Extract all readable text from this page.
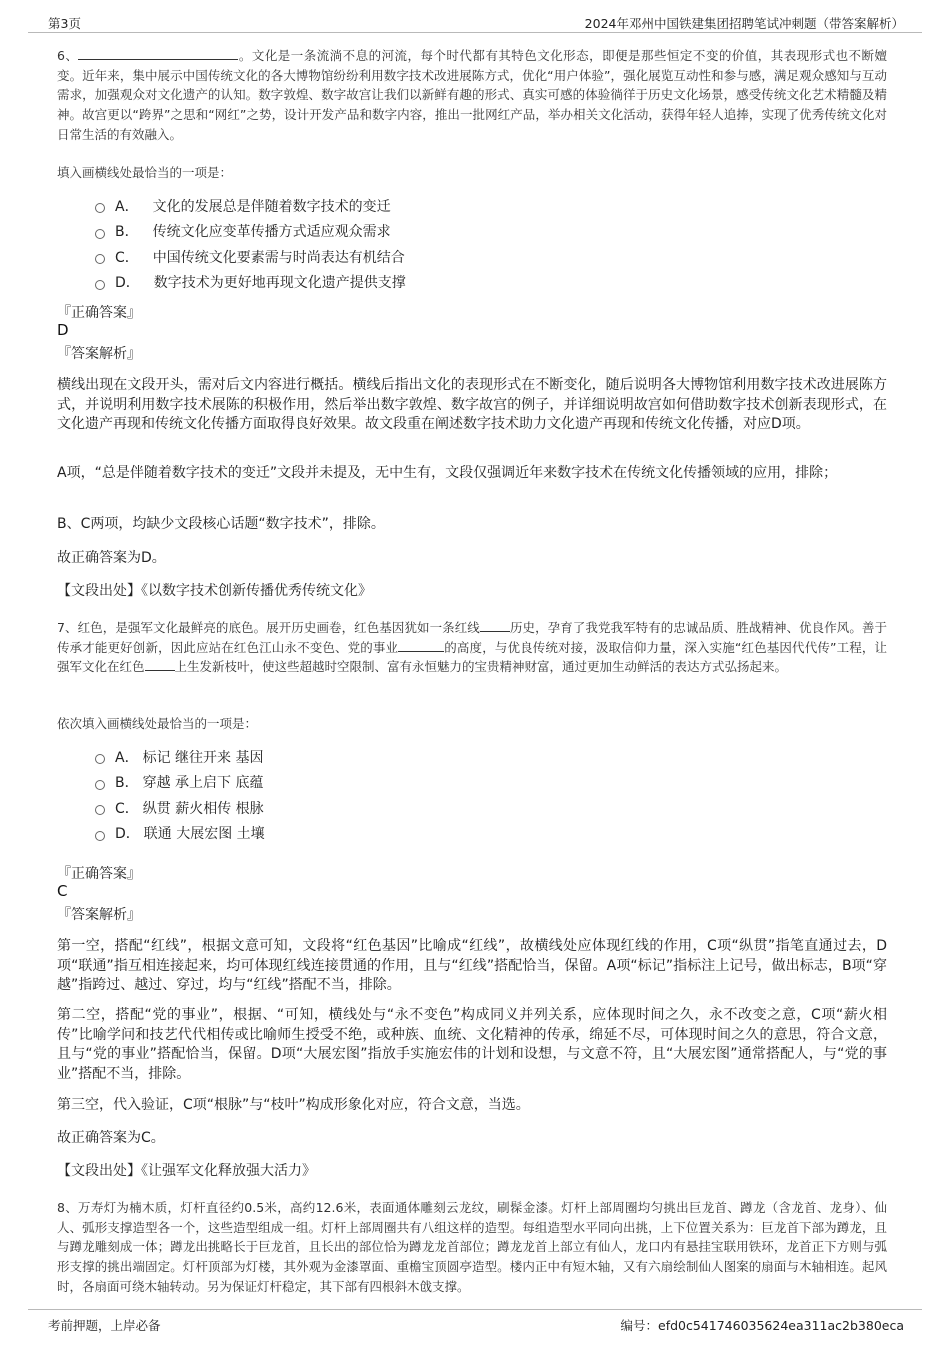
第3页	2024年邓州中国铁建集团招聘笔试冲刺题（带答案解析）

6、	。文化是一条流淌不息的河流，每个时代都有其特色文化形态，即便是那些恒定不变的价值，其表现形式也不断嬗变。近年来，集中展示中国传统文化的各大博物馆纷纷利用数字技术改进展陈方式，优化“用户体验”，强化展览互动性和参与感，满足观众感知与互动需求，加强观众对文化遗产的认知。数字敦煌、数字故宫让我们以新鲜有趣的形式、真实可感的体验徜徉于历史文化场景，感受传统文化艺术精髓及精神。故宫更以“跨界”之思和“网红”之势，设计开发产品和数字内容，推出一批网红产品，举办相关文化活动，获得年轻人追捧，实现了优秀传统文化对日常生活的有效融入。

填入画横线处最恰当的一项是：

A． 文化的发展总是伴随着数字技术的变迁
B． 传统文化应变革传播方式适应观众需求
C． 中国传统文化要素需与时尚表达有机结合
D． 数字技术为更好地再现文化遗产提供支撑

『正确答案』

D

『答案解析』

横线出现在文段开头，需对后文内容进行概括。横线后指出文化的表现形式在不断变化，随后说明各大博物馆利用数字技术改进展陈方式，并说明利用数字技术展陈的积极作用，然后举出数字敦煌、数字故宫的例子，并详细说明故宫如何借助数字技术创新表现形式，在文化遗产再现和传统文化传播方面取得良好效果。故文段重在阐述数字技术助力文化遗产再现和传统文化传播，对应D项。

A项，“总是伴随着数字技术的变迁”文段并未提及，无中生有，文段仅强调近年来数字技术在传统文化传播领域的应用，排除；

B、C两项，均缺少文段核心话题“数字技术”，排除。

故正确答案为D。

【文段出处】《以数字技术创新传播优秀传统文化》

7、红色，是强军文化最鲜亮的底色。展开历史画卷，红色基因犹如一条红线 历史，孕育了我党我军特有的忠诚品质、胜战精神、优良作风。善于传承才能更好创新，因此应站在红色江山永不变色、党的事业	的高度，与优良传统对接，汲取信仰力量，深入实施“红色基因代代传”工程，让强军文化在红色 上生发新枝叶，使这些超越时空限制、富有永恒魅力的宝贵精神财富，通过更加生动鲜活的表达方式弘扬起来。

依次填入画横线处最恰当的一项是：

A． 标记 继往开来 基因
B． 穿越 承上启下 底蕴
C． 纵贯 薪火相传 根脉
D． 联通 大展宏图 土壤

『正确答案』

C

『答案解析』

第一空，搭配“红线”，根据文意可知，文段将“红色基因”比喻成“红线”，故横线处应体现红线的作用，C项“纵贯”指笔直通过去，D项“联通”指互相连接起来，均可体现红线连接贯通的作用，且与“红线”搭配恰当，保留。A项“标记”指标注上记号，做出标志，B项“穿越”指跨过、越过、穿过，均与“红线”搭配不当，排除。

第二空，搭配“党的事业”，根据、“可知，横线处与“永不变色”构成同义并列关系，应体现时间之久，永不改变之意，C项“薪火相传”比喻学问和技艺代代相传或比喻师生授受不绝，或种族、血统、文化精神的传承，绵延不尽，可体现时间之久的意思，符合文意，且与“党的事业”搭配恰当，保留。D项“大展宏图”指放手实施宏伟的计划和设想，与文意不符，且“大展宏图”通常搭配人，与“党的事业”搭配不当，排除。

第三空，代入验证，C项“根脉”与“枝叶”构成形象化对应，符合文意，当选。

故正确答案为C。

【文段出处】《让强军文化释放强大活力》

8、万寿灯为楠木质，灯杆直径约0.5米，高约12.6米，表面通体雕刻云龙纹，刷髹金漆。灯杆上部周圈均匀挑出巨龙首、蹲龙（含龙首、龙身）、仙人、弧形支撑造型各一个，这些造型组成一组。灯杆上部周圈共有八组这样的造型。每组造型水平同向出挑，上下位置关系为：巨龙首下部为蹲龙，且与蹲龙雕刻成一体；蹲龙出挑略长于巨龙首，且长出的部位恰为蹲龙龙首部位；蹲龙龙首上部立有仙人，龙口内有悬挂宝联用铁环，龙首正下方则与弧形支撑的挑出端固定。灯杆顶部为灯楼，其外观为金漆罩面、重檐宝顶圆亭造型。楼内正中有短木轴，又有六扇绘制仙人图案的扇面与木轴相连。起风时，各扇面可绕木轴转动。另为保证灯杆稳定，其下部有四根斜木戗支撑。

考前押题，上岸必备	编号：efd0c541746035624ea311ac2b380eca
